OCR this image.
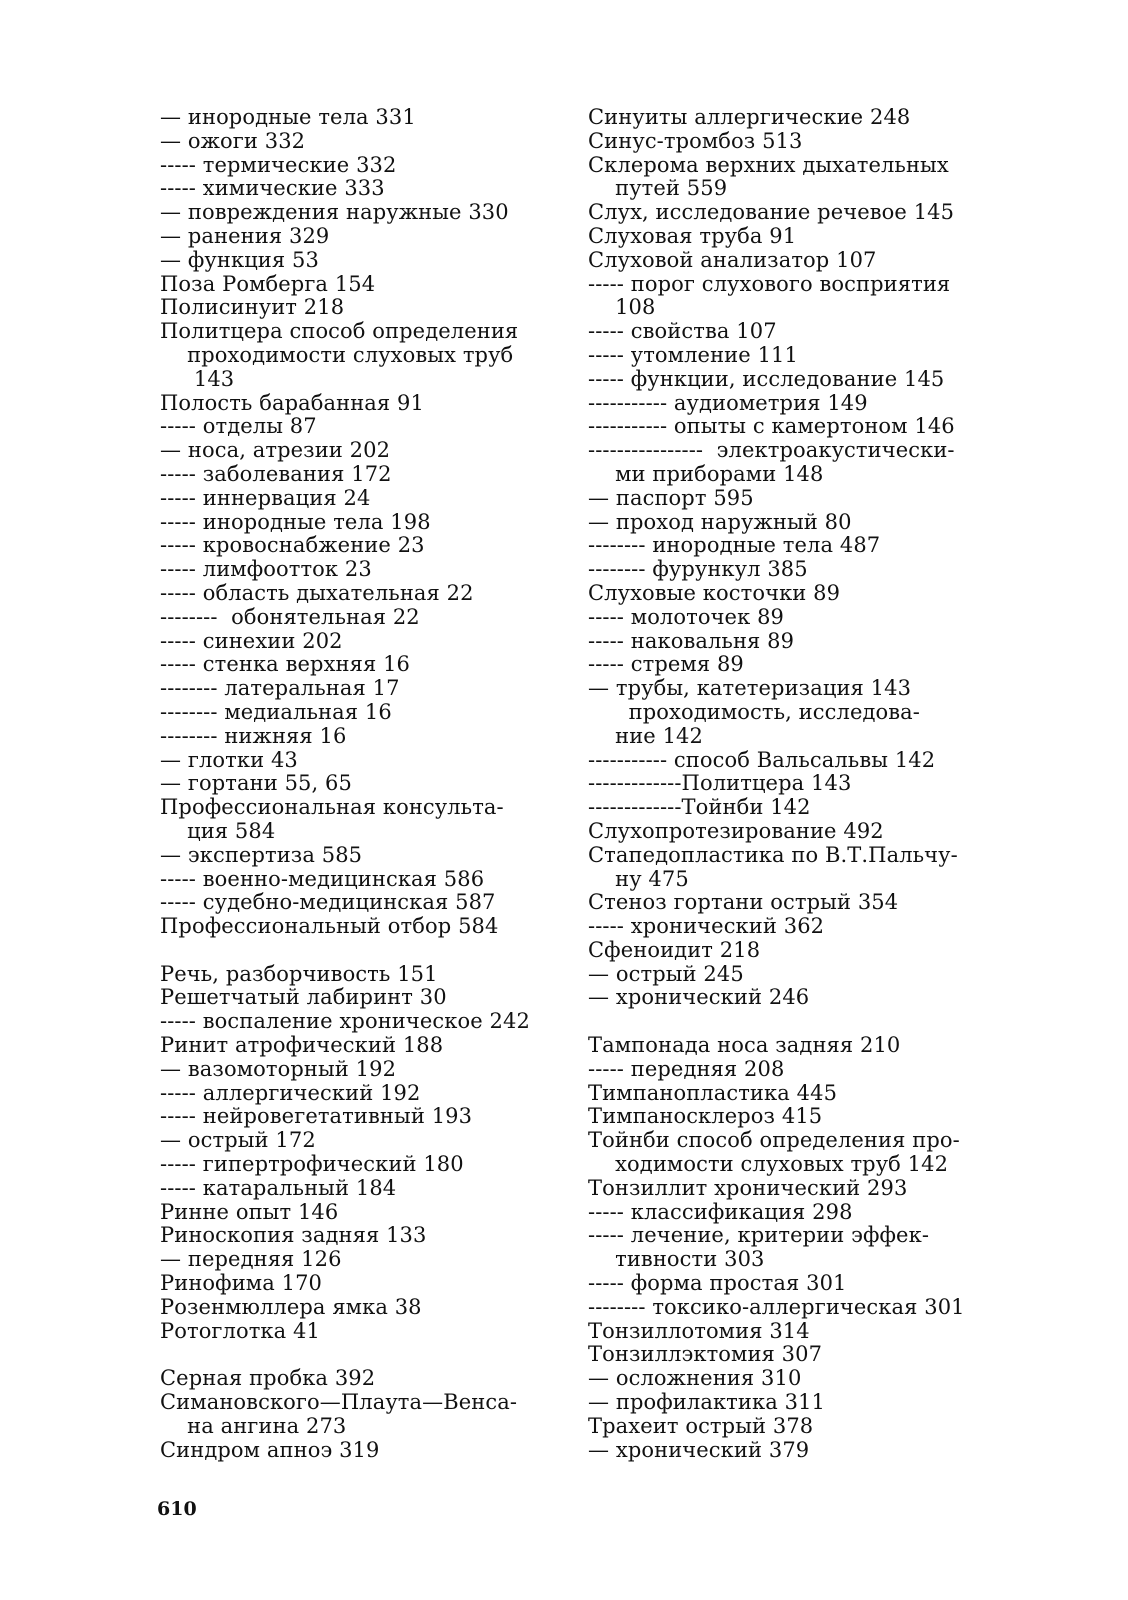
— инородные тела 331
— ожоги 332
----- термические 332
----- химические 333
— повреждения наружные 330
— ранения 329
— функция 53
Поза Ромберга 154
Полисинуит 218
Политцера способ определения
проходимости слуховых труб
143
Полость барабанная 91
----- отделы 87
— носа, атрезии 202
----- заболевания 172
----- иннервация 24
----- инородные тела 198
----- кровоснабжение 23
----- лимфоотток 23
----- область дыхательная 22
--------  обонятельная 22
----- синехии 202
----- стенка верхняя 16
-------- латеральная 17
-------- медиальная 16
-------- нижняя 16
— глотки 43
— гортани 55, 65
Профессиональная консульта-
ция 584
— экспертиза 585
----- военно-медицинская 586
----- судебно-медицинская 587
Профессиональный отбор 584
Речь, разборчивость 151
Решетчатый лабиринт 30
----- воспаление хроническое 242
Ринит атрофический 188
— вазомоторный 192
----- аллергический 192
----- нейровегетативный 193
— острый 172
----- гипертрофический 180
----- катаральный 184
Ринне опыт 146
Риноскопия задняя 133
— передняя 126
Ринофима 170
Розенмюллера ямка 38
Ротоглотка 41
Серная пробка 392
Симановского—Плаута—Венса-
на ангина 273
Синдром апноэ 319
Синуиты аллергические 248
Синус-тромбоз 513
Склерома верхних дыхательных
путей 559
Слух, исследование речевое 145
Слуховая труба 91
Слуховой анализатор 107
----- порог слухового восприятия
108
----- свойства 107
----- утомление 111
----- функции, исследование 145
----------- аудиометрия 149
----------- опыты с камертоном 146
----------------  электроакустически-
ми приборами 148
— паспорт 595
— проход наружный 80
-------- инородные тела 487
-------- фурункул 385
Слуховые косточки 89
----- молоточек 89
----- наковальня 89
----- стремя 89
— трубы, катетеризация 143
проходимость, исследова-
ние 142
----------- способ Вальсальвы 142
-------------Политцера 143
-------------Тойнби 142
Слухопротезирование 492
Стапедопластика по В.Т.Пальчу-
ну 475
Стеноз гортани острый 354
----- хронический 362
Сфеноидит 218
— острый 245
— хронический 246
Тампонада носа задняя 210
----- передняя 208
Тимпанопластика 445
Тимпаносклероз 415
Тойнби способ определения про-
ходимости слуховых труб 142
Тонзиллит хронический 293
----- классификация 298
----- лечение, критерии эффек-
тивности 303
----- форма простая 301
-------- токсико-аллергическая 301
Тонзиллотомия 314
Тонзиллэктомия 307
— осложнения 310
— профилактика 311
Трахеит острый 378
— хронический 379
610
